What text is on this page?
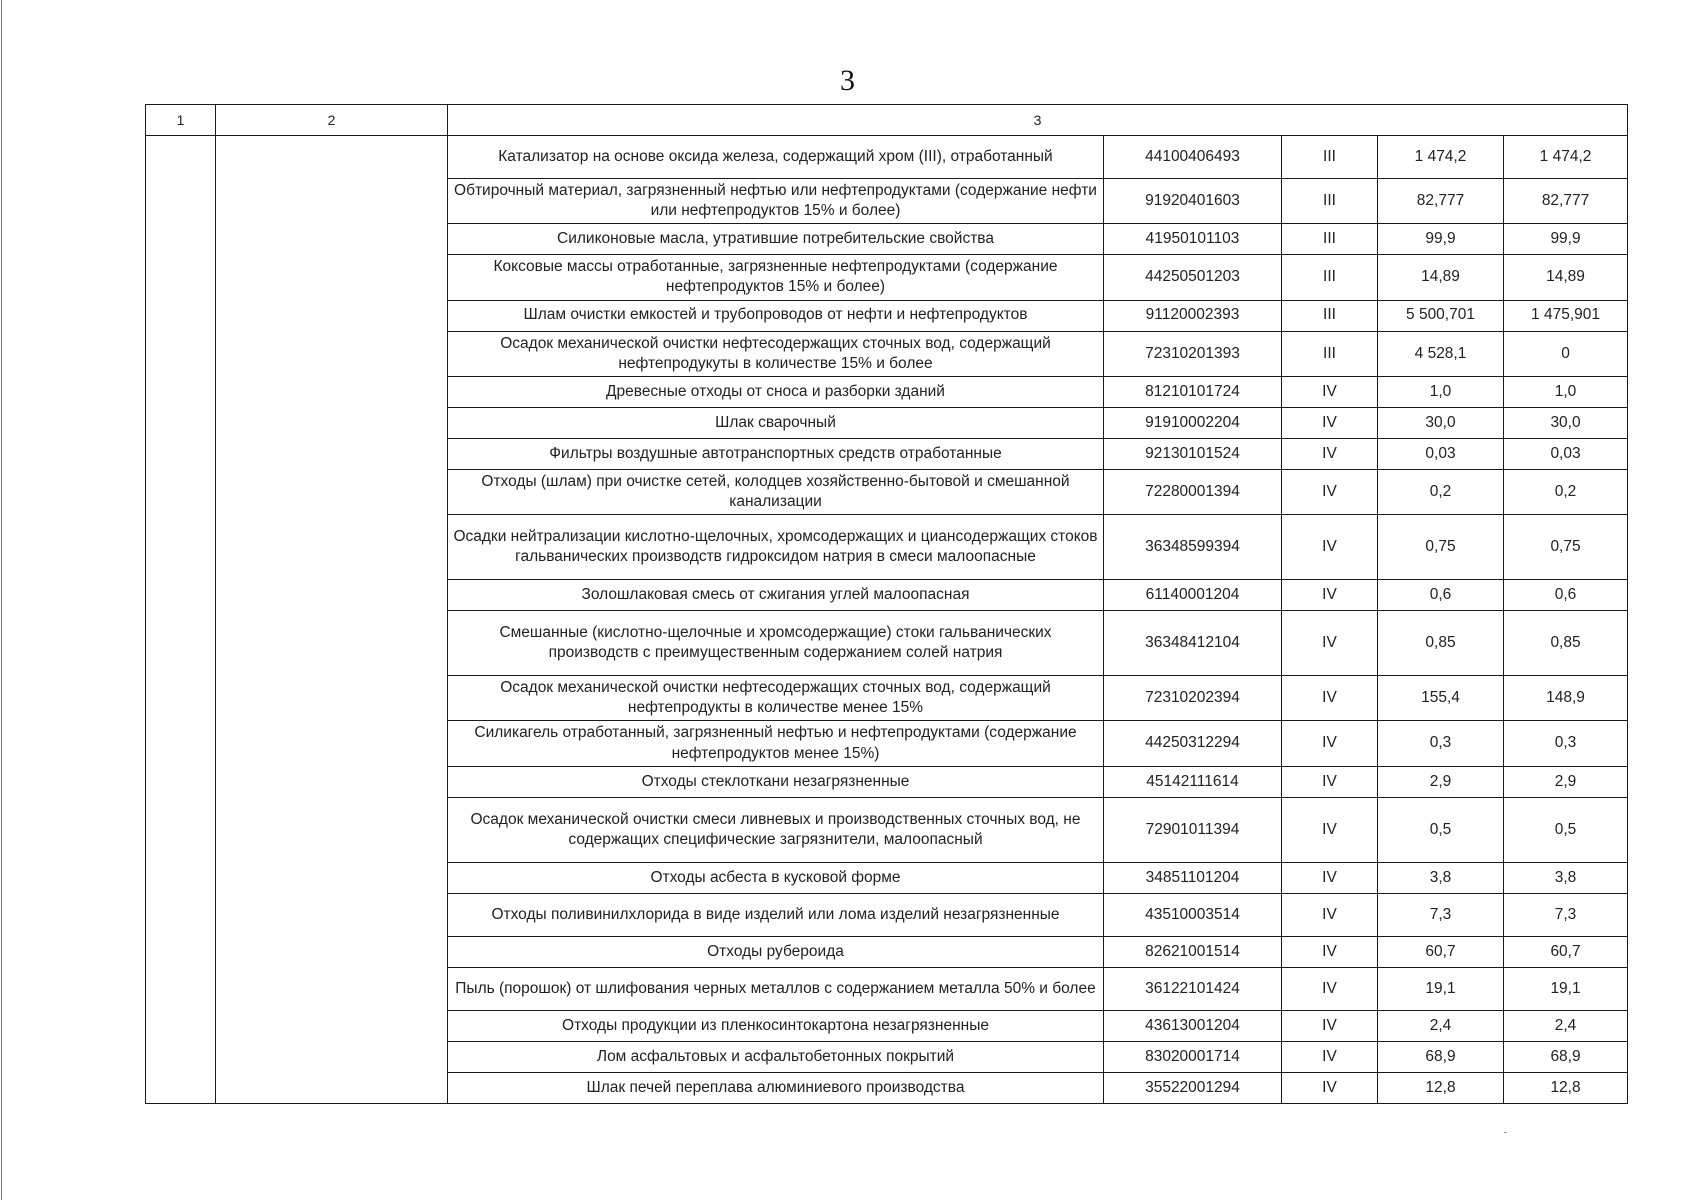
3
1	2	3				
		Катализатор на основе оксида железа, содержащий хром (III), отработанный	44100406493	III	1 474,2	1 474,2
		Обтирочный материал, загрязненный нефтью или нефтепродуктами (содержание нефти или нефтепродуктов 15% и более)	91920401603	III	82,777	82,777
		Силиконовые масла, утратившие потребительские свойства	41950101103	III	99,9	99,9
		Коксовые массы отработанные, загрязненные нефтепродуктами (содержание нефтепродуктов 15% и более)	44250501203	III	14,89	14,89
		Шлам очистки емкостей и трубопроводов от нефти и нефтепродуктов	91120002393	III	5 500,701	1 475,901
		Осадок механической очистки нефтесодержащих сточных вод, содержащий нефтепродукуты в количестве 15% и более	72310201393	III	4 528,1	0
		Древесные отходы от сноса и разборки зданий	81210101724	IV	1,0	1,0
		Шлак сварочный	91910002204	IV	30,0	30,0
		Фильтры воздушные автотранспортных средств отработанные	92130101524	IV	0,03	0,03
		Отходы (шлам) при очистке сетей, колодцев хозяйственно-бытовой и смешанной канализации	72280001394	IV	0,2	0,2
		Осадки нейтрализации кислотно-щелочных, хромсодержащих и циансодержащих стоков гальванических производств гидроксидом натрия в смеси малоопасные	36348599394	IV	0,75	0,75
		Золошлаковая смесь от сжигания углей малоопасная	61140001204	IV	0,6	0,6
		Смешанные (кислотно-щелочные и хромсодержащие) стоки гальванических производств с преимущественным содержанием солей натрия	36348412104	IV	0,85	0,85
		Осадок механической очистки нефтесодержащих сточных вод, содержащий нефтепродукты в количестве менее 15%	72310202394	IV	155,4	148,9
		Силикагель отработанный, загрязненный нефтью и нефтепродуктами (содержание нефтепродуктов менее 15%)	44250312294	IV	0,3	0,3
		Отходы стеклоткани незагрязненные	45142111614	IV	2,9	2,9
		Осадок механической очистки смеси ливневых и производственных сточных вод, не содержащих специфические загрязнители, малоопасный	72901011394	IV	0,5	0,5
		Отходы асбеста в кусковой форме	34851101204	IV	3,8	3,8
		Отходы поливинилхлорида в виде изделий или лома изделий незагрязненные	43510003514	IV	7,3	7,3
		Отходы рубероида	82621001514	IV	60,7	60,7
		Пыль (порошок) от шлифования черных металлов с содержанием металла 50% и более	36122101424	IV	19,1	19,1
		Отходы продукции из пленкосинтокартона незагрязненные	43613001204	IV	2,4	2,4
		Лом асфальтовых и асфальтобетонных покрытий	83020001714	IV	68,9	68,9
		Шлак печей переплава алюминиевого производства	35522001294	IV	12,8	12,8
